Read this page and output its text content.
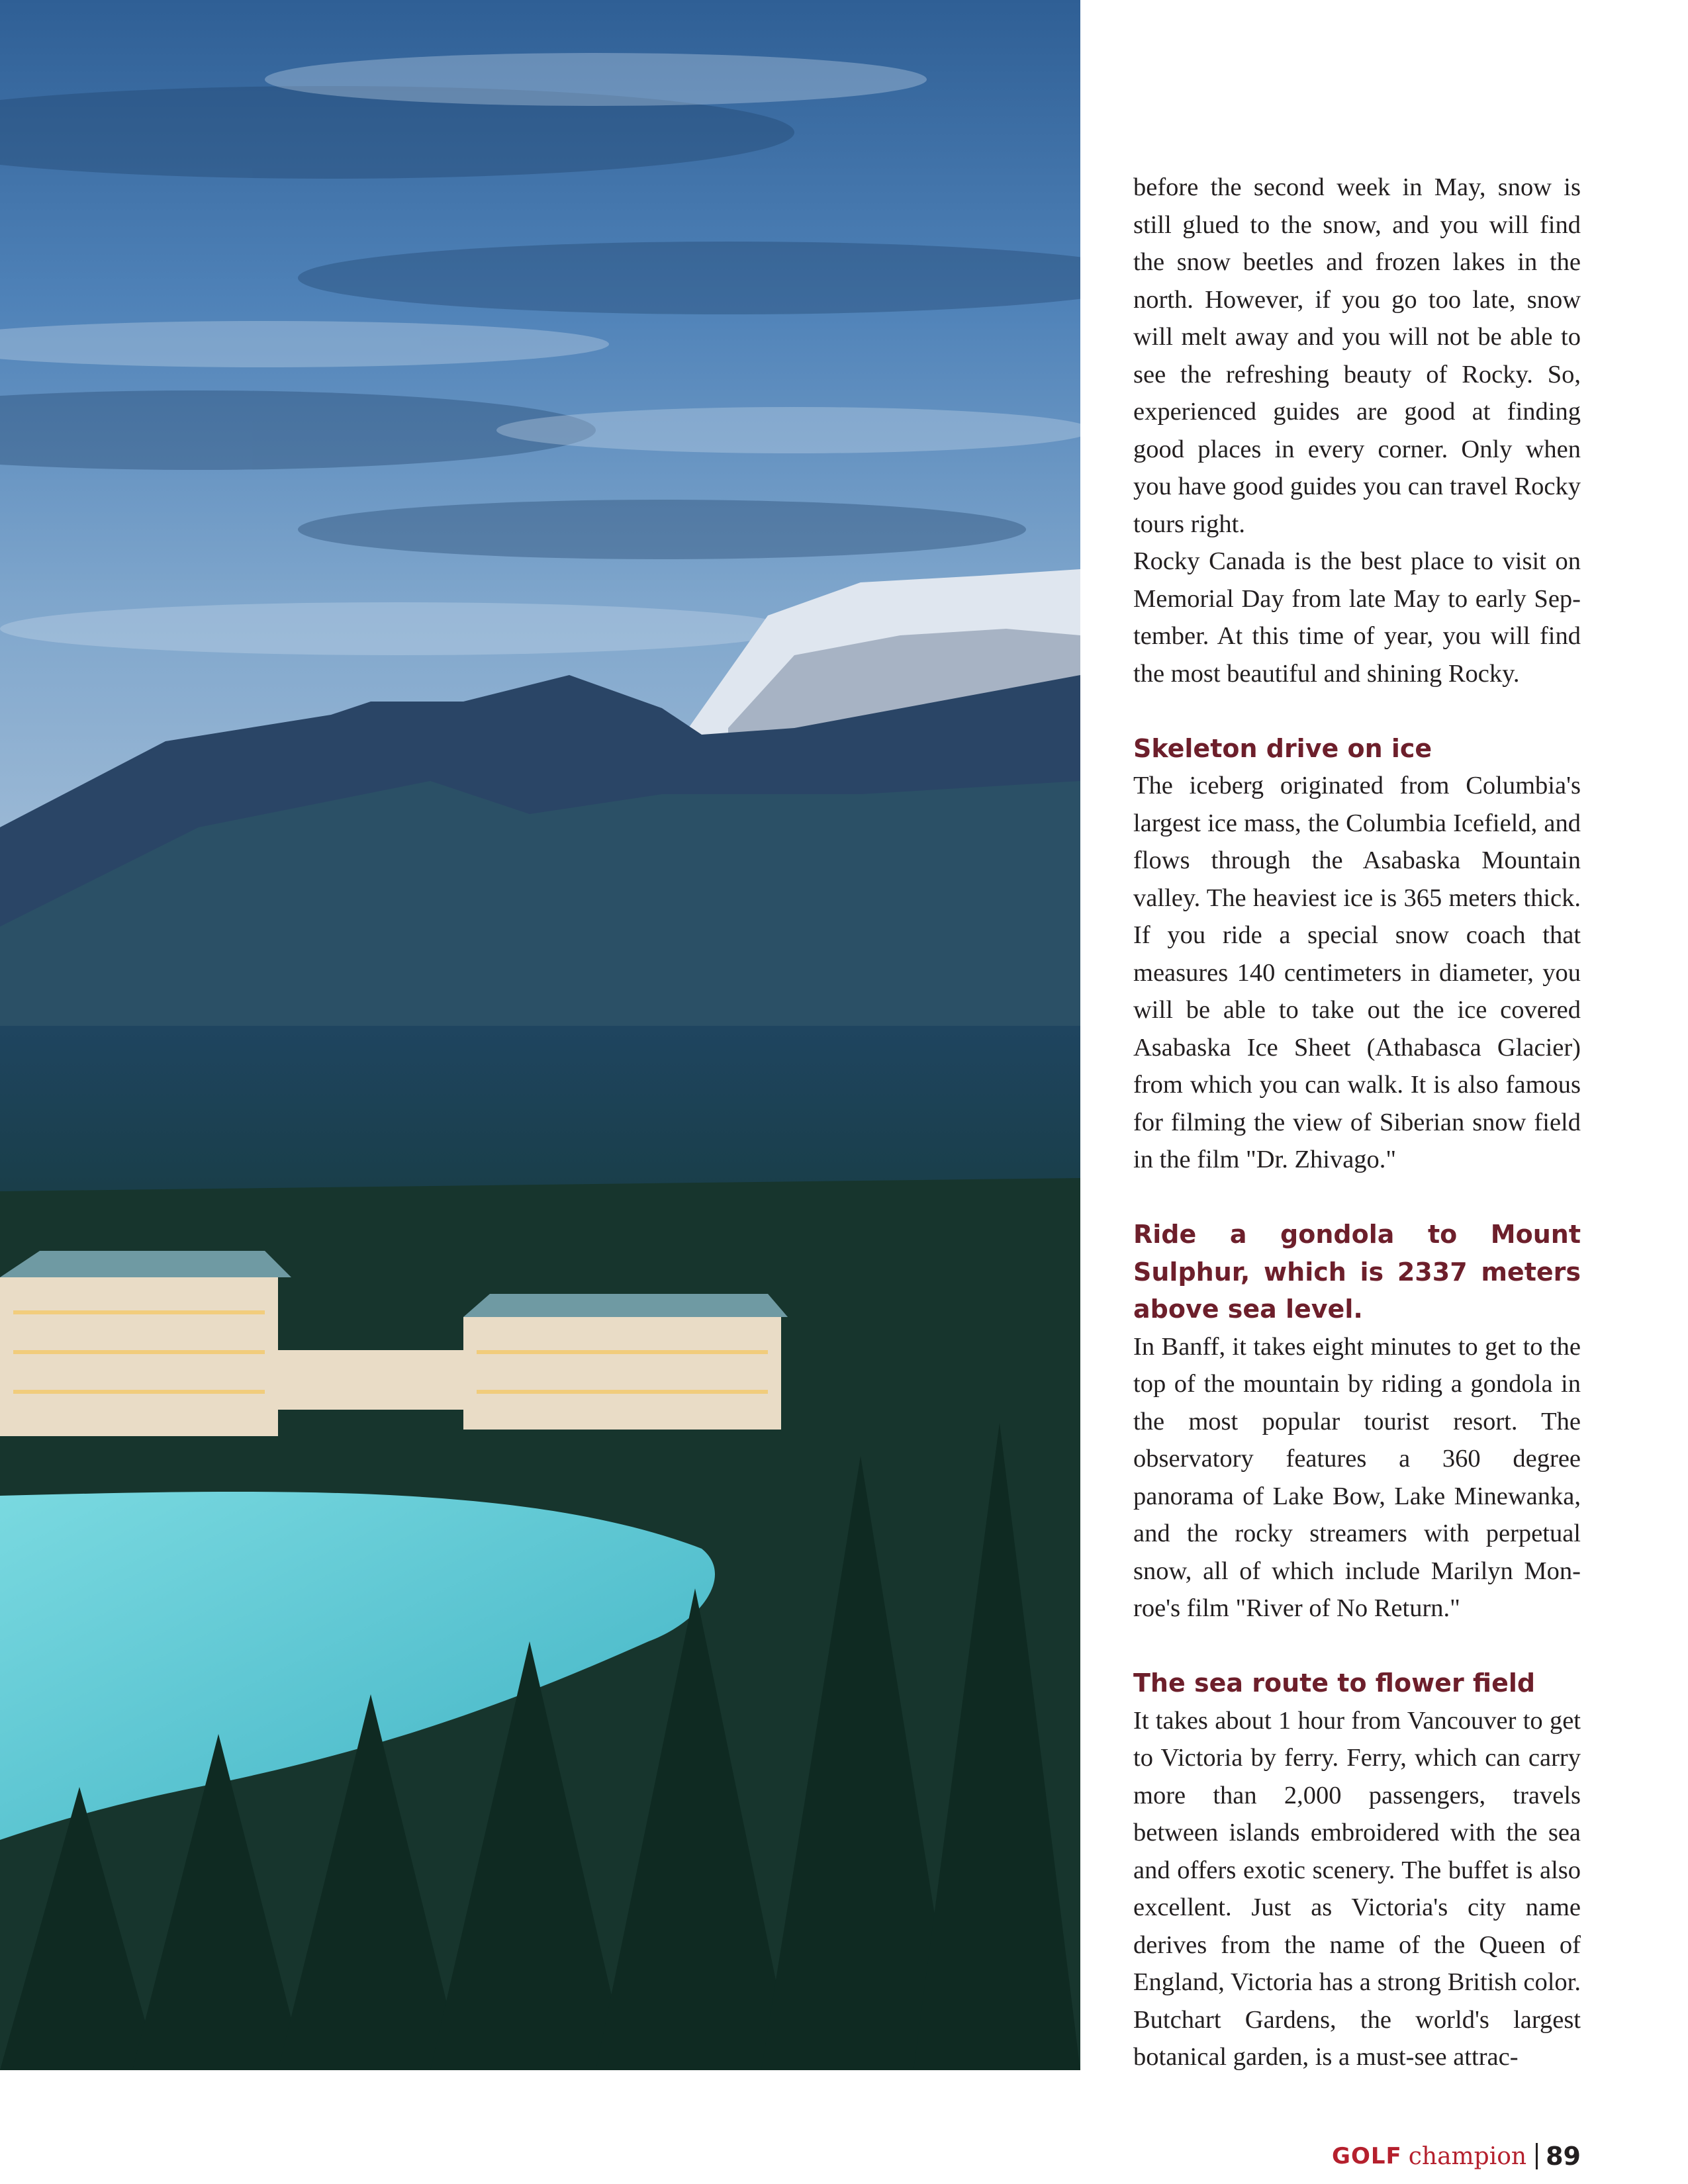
before the second week in May, snow is still glued to the snow, and you will find the snow beetles and frozen lakes in the north. However, if you go too late, snow will melt away and you will not be able to see the refreshing beauty of Rocky. So, experienced guides are good at finding good places in every corner. Only when you have good guides you can travel Rocky tours right.

Rocky Canada is the best place to visit on Memorial Day from late May to early September. At this time of year, you will find the most beautiful and shining Rocky.

Skeleton drive on ice

The iceberg originated from Columbia's largest ice mass, the Columbia Icefield, and flows through the Asabaska Mountain valley. The heaviest ice is 365 meters thick. If you ride a special snow coach that measures 140 centimeters in diameter, you will be able to take out the ice covered Asabaska Ice Sheet (Athabasca Glacier) from which you can walk. It is also famous for filming the view of Siberian snow field in the film "Dr. Zhivago."

Ride a gondola to Mount Sulphur, which is 2337 meters above sea level.

In Banff, it takes eight minutes to get to the top of the mountain by riding a gondola in the most popular tourist resort. The observatory features a 360 degree panorama of Lake Bow, Lake Minewanka, and the rocky streamers with perpetual snow, all of which include Marilyn Monroe's film "River of No Return."

The sea route to flower field

It takes about 1 hour from Vancouver to get to Victoria by ferry. Ferry, which can carry more than 2,000 passengers, travels between islands embroidered with the sea and offers exotic scenery. The buffet is also excellent. Just as Victoria's city name derives from the name of the Queen of England, Victoria has a strong British color. Butchart Gardens, the world's largest botanical garden, is a must-see attrac-

GOLF champion 89
